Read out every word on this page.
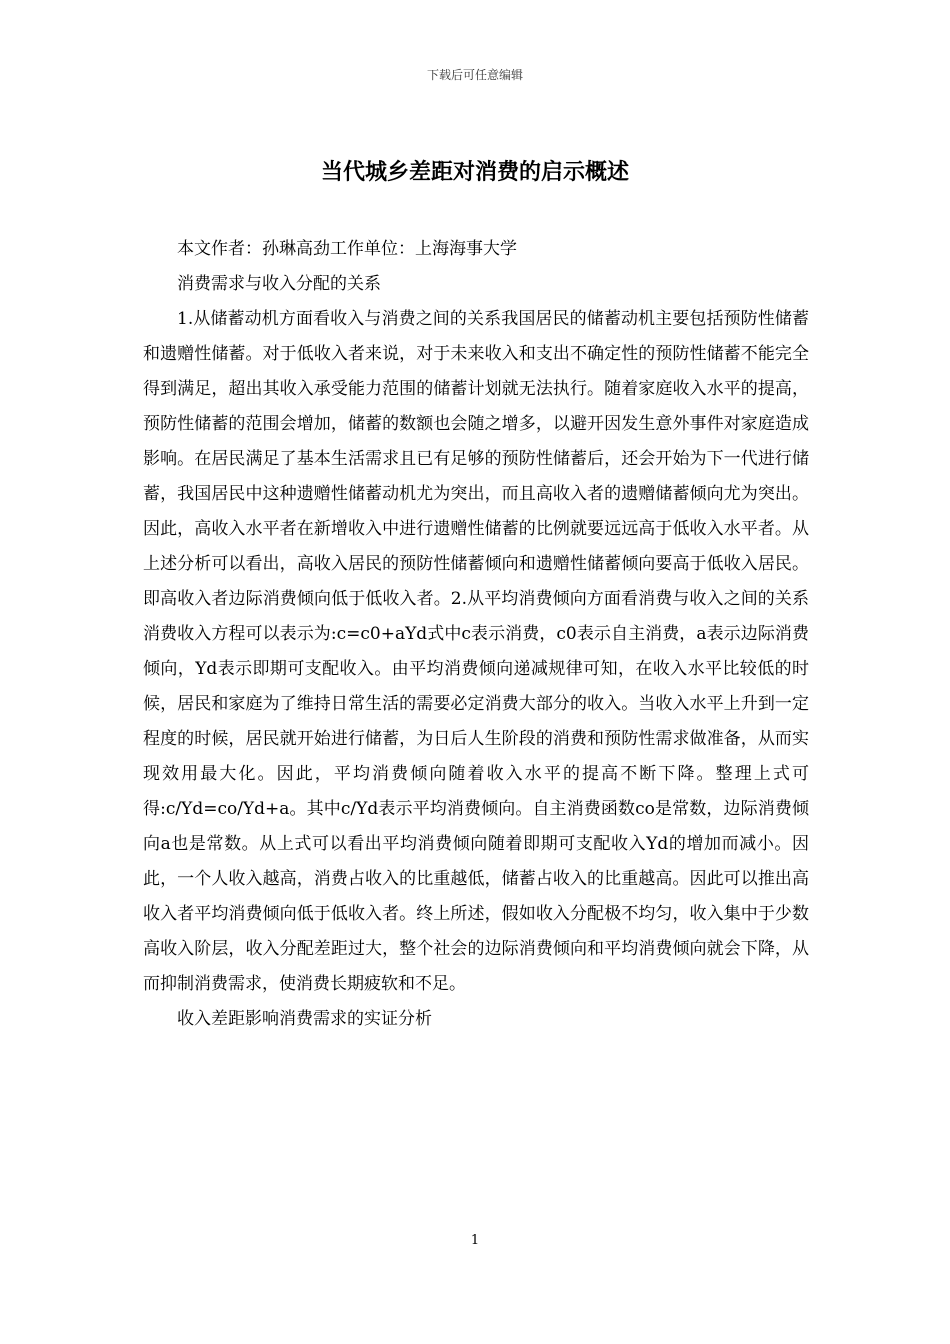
下载后可任意编辑
当代城乡差距对消费的启示概述

本文作者：孙琳高劲工作单位：上海海事大学

消费需求与收入分配的关系

1.从储蓄动机方面看收入与消费之间的关系我国居民的储蓄动机主要包括预防性储蓄和遗赠性储蓄。对于低收入者来说，对于未来收入和支出不确定性的预防性储蓄不能完全得到满足，超出其收入承受能力范围的储蓄计划就无法执行。随着家庭收入水平的提高，预防性储蓄的范围会增加，储蓄的数额也会随之增多，以避开因发生意外事件对家庭造成影响。在居民满足了基本生活需求且已有足够的预防性储蓄后，还会开始为下一代进行储蓄，我国居民中这种遗赠性储蓄动机尤为突出，而且高收入者的遗赠储蓄倾向尤为突出。因此，高收入水平者在新增收入中进行遗赠性储蓄的比例就要远远高于低收入水平者。从上述分析可以看出，高收入居民的预防性储蓄倾向和遗赠性储蓄倾向要高于低收入居民。即高收入者边际消费倾向低于低收入者。2.从平均消费倾向方面看消费与收入之间的关系消费收入方程可以表示为:c=c0+aYd式中c表示消费，c0表示自主消费，a表示边际消费倾向，Yd表示即期可支配收入。由平均消费倾向递减规律可知，在收入水平比较低的时候，居民和家庭为了维持日常生活的需要必定消费大部分的收入。当收入水平上升到一定程度的时候，居民就开始进行储蓄，为日后人生阶段的消费和预防性需求做准备，从而实现效用最大化。因此，平均消费倾向随着收入水平的提高不断下降。整理上式可得:c/Yd=co/Yd+a。其中c/Yd表示平均消费倾向。自主消费函数co是常数，边际消费倾向a也是常数。从上式可以看出平均消费倾向随着即期可支配收入Yd的增加而减小。因此，一个人收入越高，消费占收入的比重越低，储蓄占收入的比重越高。因此可以推出高收入者平均消费倾向低于低收入者。终上所述，假如收入分配极不均匀，收入集中于少数高收入阶层，收入分配差距过大，整个社会的边际消费倾向和平均消费倾向就会下降，从而抑制消费需求，使消费长期疲软和不足。

收入差距影响消费需求的实证分析

1
